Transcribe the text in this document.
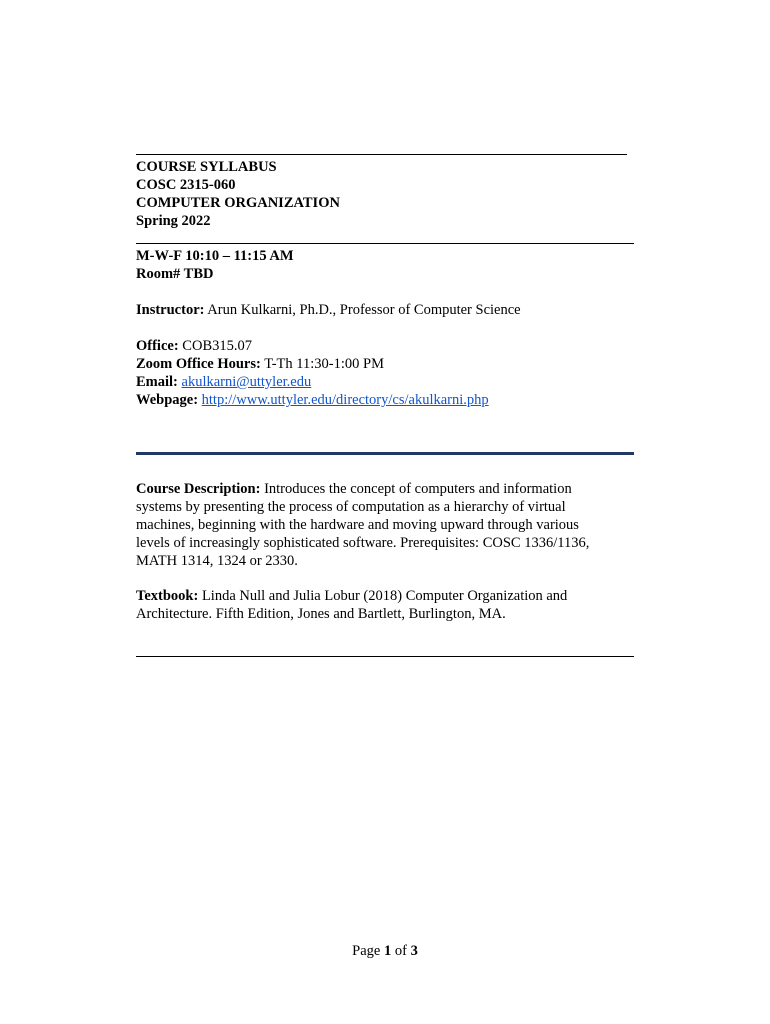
COURSE SYLLABUS
COSC 2315-060
COMPUTER ORGANIZATION
Spring 2022
M-W-F 10:10 – 11:15 AM
Room# TBD
Instructor: Arun Kulkarni, Ph.D., Professor of Computer Science
Office: COB315.07
Zoom Office Hours: T-Th 11:30-1:00 PM
Email: akulkarni@uttyler.edu
Webpage: http://www.uttyler.edu/directory/cs/akulkarni.php
Course Description: Introduces the concept of computers and information
systems by presenting the process of computation as a hierarchy of virtual
machines, beginning with the hardware and moving upward through various
levels of increasingly sophisticated software. Prerequisites: COSC 1336/1136,
MATH 1314, 1324 or 2330.
Textbook: Linda Null and Julia Lobur (2018) Computer Organization and
Architecture. Fifth Edition, Jones and Bartlett, Burlington, MA.
Page 1 of 3
